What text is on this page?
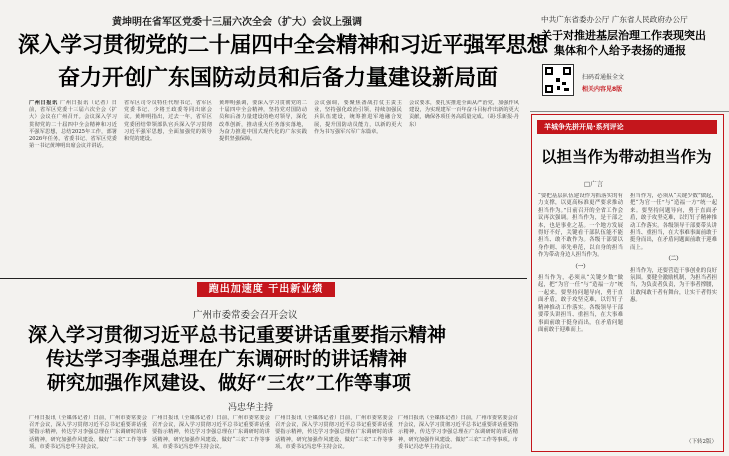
黄坤明在省军区党委十三届六次全会（扩大）会议上强调
深入学习贯彻党的二十届四中全会精神和习近平强军思想
奋力开创广东国防动员和后备力量建设新局面
广州日报讯 广州日报讯（记者）日前，省军区党委十三届六次全会（扩大）会议在广州召开。会议深入学习贯彻党的二十届四中全会精神和习近平强军思想，总结2025年工作，部署2026年任务。省委书记、省军区党委第一书记黄坤明出席会议并讲话。
省军区司令员特任代理书记、省军区党委书记、少将王政委等同出席会议。黄坤明指出，过去一年，省军区党委团结带领部队官兵深入学习贯彻习近平强军思想，全面加强党的领导和党的建设。
黄坤明强调，要深入学习贯彻党的二十届四中全会精神，坚持党对国防动员和后备力量建设的绝对领导，深化改革创新，推动重大任务落实落地，为奋力推进中国式现代化的广东实践提供坚强保障。
会议强调，要聚焦备战打仗主责主业，坚持强化政治引领，持续加强民兵队伍建设，统筹推进军地融合发展，提升国防动员能力，以新的更大作为书写强军兴军广东篇章。
会议要求，要扎实推进全面从严治党，加强作风建设，为实现建军一百年奋斗目标作出新的更大贡献，确保各项任务高质量完成。（胡·乐新报·丹 东）
中共广东省委办公厅 广东省人民政府办公厅
关于对推进基层治理工作表现突出
集体和个人给予表扬的通报
扫码看通报全文
相关内容见8版
羊城争先拼开局·系列评论
以担当作为带动担当作为
□广言
“要把基层队伍建设作为抓落实的有力支撑，以更高标准更严要求推动担当作为。”日前召开的全省工作会议再次强调。担当作为，是干部之本，也是事业之基。一个地方发展得好不好，关键看干部队伍能不能担当、敢不敢作为。各级干部要以身作则、率先垂范，以自身的担当作为带动身边人担当作为。
（一）
担当作为，必须从“关键少数”做起，把“为官一任”与“造福一方”统一起来。要坚持问题导向，勇于直面矛盾，敢于攻坚克难，以钉钉子精神推动工作落实。各级领导干部要带头讲担当、重担当，在大事难事面前敢于挺身而出，在矛盾问题面前敢于迎难而上。
担当作为，必须从“关键少数”做起，把“为官一任”与“造福一方”统一起来。要坚持问题导向，勇于直面矛盾，敢于攻坚克难，以钉钉子精神推动工作落实。各级领导干部要带头讲担当、重担当，在大事难事面前敢于挺身而出，在矛盾问题面前敢于迎难而上。
（二）
担当作为，还要营造干事创业的良好氛围。要健全激励机制，为担当者担当，为负责者负责，为干事者撑腰，让敢闯敢干者有舞台，让实干者得实惠。
（下转2版）
跑出加速度 干出新业绩
广州市委常委会召开会议
深入学习贯彻习近平总书记重要讲话重要指示精神
传达学习李强总理在广东调研时的讲话精神
研究加强作风建设、做好“三农”工作等事项
冯忠华主持
广州日报讯（全媒体记者）日前，广州市委常委会召开会议，深入学习贯彻习近平总书记重要讲话重要指示精神，传达学习李强总理在广东调研时的讲话精神，研究加强作风建设、做好“三农”工作等事项。市委书记冯忠华主持会议。
广州日报讯（全媒体记者）日前，广州市委常委会召开会议，深入学习贯彻习近平总书记重要讲话重要指示精神，传达学习李强总理在广东调研时的讲话精神，研究加强作风建设、做好“三农”工作等事项。市委书记冯忠华主持会议。
广州日报讯（全媒体记者）日前，广州市委常委会召开会议，深入学习贯彻习近平总书记重要讲话重要指示精神，传达学习李强总理在广东调研时的讲话精神，研究加强作风建设、做好“三农”工作等事项。市委书记冯忠华主持会议。
广州日报讯（全媒体记者）日前，广州市委常委会召开会议，深入学习贯彻习近平总书记重要讲话重要指示精神，传达学习李强总理在广东调研时的讲话精神，研究加强作风建设、做好“三农”工作等事项。市委书记冯忠华主持会议。
